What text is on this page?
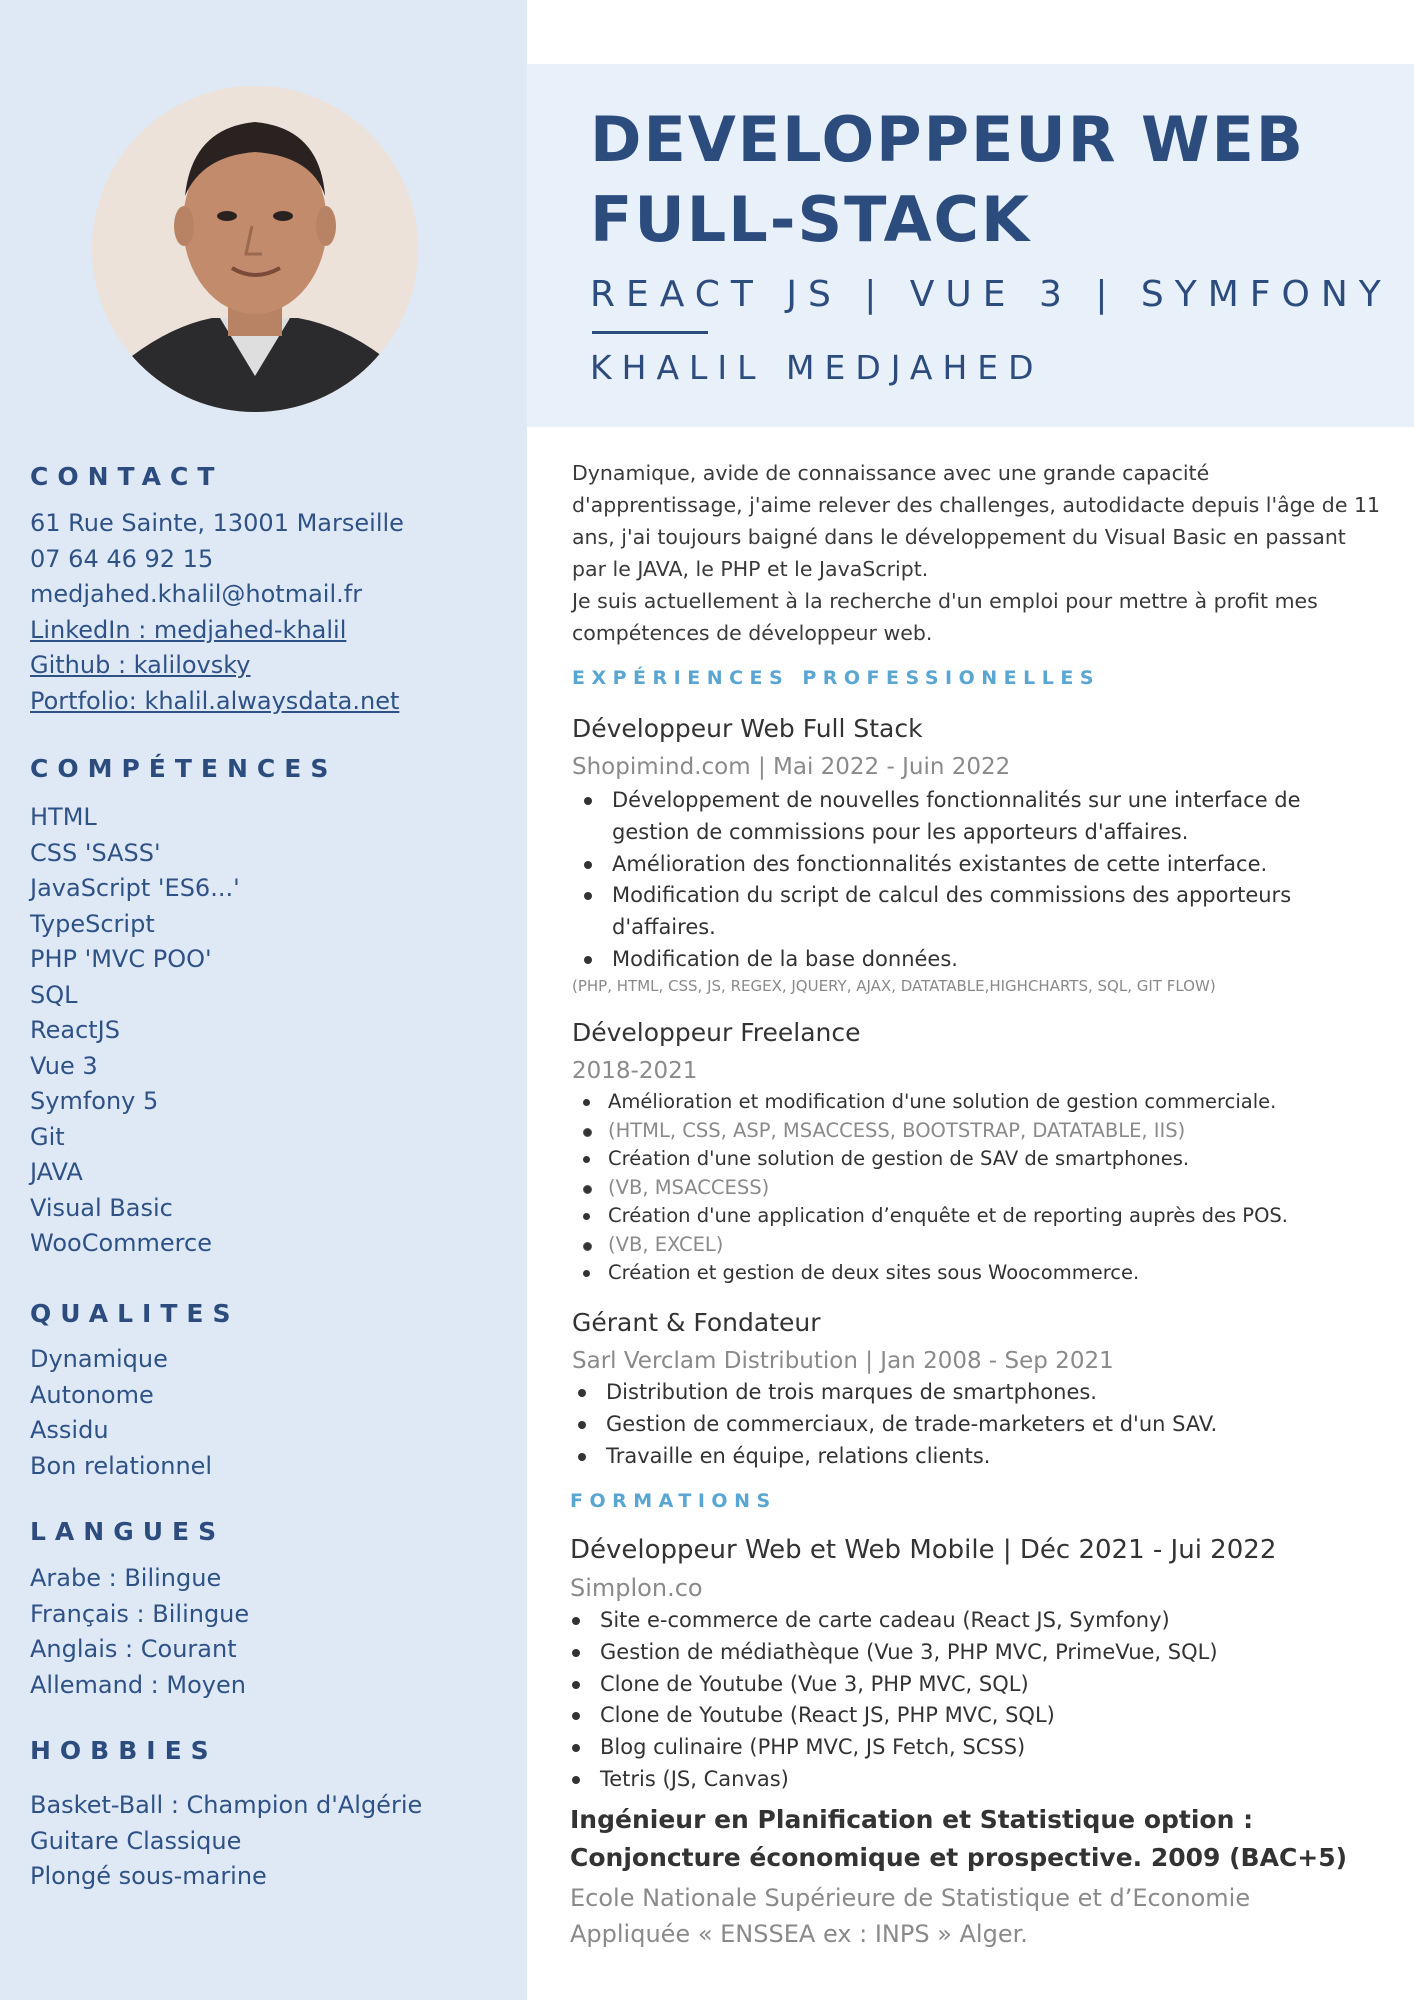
DEVELOPPEUR WEB FULL-STACK
REACT JS | VUE 3 | SYMFONY
KHALIL MEDJAHED
CONTACT
61 Rue Sainte, 13001 Marseille
07 64 46 92 15
medjahed.khalil@hotmail.fr
LinkedIn : medjahed-khalil
Github : kalilovsky
Portfolio: khalil.alwaysdata.net
COMPÉTENCES
HTML
CSS 'SASS'
JavaScript 'ES6...'
TypeScript
PHP 'MVC POO'
SQL
ReactJS
Vue 3
Symfony 5
Git
JAVA
Visual Basic
WooCommerce
QUALITES
Dynamique
Autonome
Assidu
Bon relationnel
LANGUES
Arabe : Bilingue
Français : Bilingue
Anglais : Courant
Allemand : Moyen
HOBBIES
Basket-Ball : Champion d'Algérie
Guitare Classique
Plongé sous-marine

Dynamique, avide de connaissance avec une grande capacité d'apprentissage, j'aime relever des challenges, autodidacte depuis l'âge de 11 ans, j'ai toujours baigné dans le développement du Visual Basic en passant par le JAVA, le PHP et le JavaScript.

Je suis actuellement à la recherche d'un emploi pour mettre à profit mes compétences de développeur web.

EXPÉRIENCES PROFESSIONELLES
Développeur Web Full Stack
Shopimind.com | Mai 2022 - Juin 2022
Développement de nouvelles fonctionnalités sur une interface de gestion de commissions pour les apporteurs d'affaires.
Amélioration des fonctionnalités existantes de cette interface.
Modification du script de calcul des commissions des apporteurs d'affaires.
Modification de la base données.
(PHP, HTML, CSS, JS, REGEX, JQUERY, AJAX, DATATABLE,HIGHCHARTS, SQL, GIT FLOW)
Développeur Freelance
2018-2021
Amélioration et modification d'une solution de gestion commerciale.
(HTML, CSS, ASP, MSACCESS, BOOTSTRAP, DATATABLE, IIS)
Création d'une solution de gestion de SAV de smartphones.
(VB, MSACCESS)
Création d'une application d’enquête et de reporting auprès des POS.
(VB, EXCEL)
Création et gestion de deux sites sous Woocommerce.
Gérant & Fondateur
Sarl Verclam Distribution | Jan 2008 - Sep 2021
Distribution de trois marques de smartphones.
Gestion de commerciaux, de trade-marketers et d'un SAV.
Travaille en équipe, relations clients.
FORMATIONS
Développeur Web et Web Mobile | Déc 2021 - Jui 2022
Simplon.co
Site e-commerce de carte cadeau (React JS, Symfony)
Gestion de médiathèque (Vue 3, PHP MVC, PrimeVue, SQL)
Clone de Youtube (Vue 3, PHP MVC, SQL)
Clone de Youtube (React JS, PHP MVC, SQL)
Blog culinaire (PHP MVC, JS Fetch, SCSS)
Tetris (JS, Canvas)
Ingénieur en Planification et Statistique option :
Conjoncture économique et prospective. 2009 (BAC+5)
Ecole Nationale Supérieure de Statistique et d’Economie
Appliquée « ENSSEA ex : INPS » Alger.
